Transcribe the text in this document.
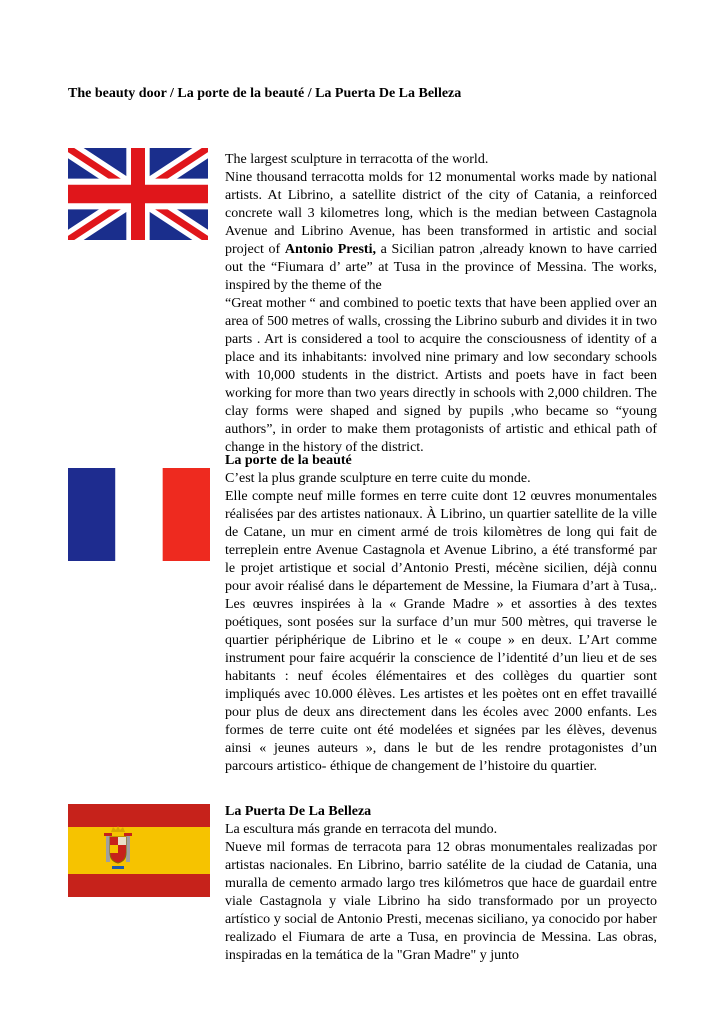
The beauty door / La porte de la beauté / La Puerta De La Belleza

The largest sculpture in terracotta of the world.

Nine thousand terracotta molds for 12 monumental works made by national artists. At Librino, a satellite district of the city of Catania, a reinforced concrete wall 3 kilometres long, which is the median between Castagnola Avenue and Librino Avenue, has been transformed in artistic and social project of Antonio Presti, a Sicilian patron ,already known to have carried out the “Fiumara d’ arte” at Tusa in the province of Messina. The works, inspired by the theme of the

“Great mother “ and combined to poetic texts that have been applied over an area of 500 metres of walls, crossing the Librino suburb and divides it in two parts . Art is considered a tool to acquire the consciousness of identity of a place and its inhabitants: involved nine primary and low secondary schools with 10,000 students in the district. Artists and poets have in fact been working for more than two years directly in schools with 2,000 children. The clay forms were shaped and signed by pupils ,who became so “young authors”, in order to make them protagonists of artistic and ethical path of change in the history of the district.

La porte de la beauté

C’est la plus grande sculpture en terre cuite du monde.

Elle compte neuf mille formes en terre cuite dont 12 œuvres monumentales réalisées par des artistes nationaux. À Librino, un quartier satellite de la ville de Catane, un mur en ciment armé de trois kilomètres de long qui fait de terreplein entre Avenue Castagnola et Avenue Librino, a été transformé par le projet artistique et social d’Antonio Presti, mécène sicilien, déjà connu pour avoir réalisé dans le département de Messine, la Fiumara d’art à Tusa,. Les œuvres inspirées à la « Grande Madre » et assorties à des textes poétiques, sont posées sur la surface d’un mur 500 mètres, qui traverse le quartier périphérique de Librino et le « coupe » en deux. L’Art comme instrument pour faire acquérir la conscience de l’identité d’un lieu et de ses habitants : neuf écoles élémentaires et des collèges du quartier sont impliqués avec 10.000 élèves. Les artistes et les poètes ont en effet travaillé pour plus de deux ans directement dans les écoles avec 2000 enfants. Les formes de terre cuite ont été modelées et signées par les élèves, devenus ainsi « jeunes auteurs », dans le but de les rendre protagonistes d’un parcours artistico- éthique de changement de l’histoire du quartier.

La Puerta De La Belleza

La escultura más grande en terracota del mundo.

Nueve mil formas de terracota para 12 obras monumentales realizadas por artistas nacionales. En Librino, barrio satélite de la ciudad de Catania, una muralla de cemento armado largo tres kilómetros que hace de guardail entre viale Castagnola y viale Librino ha sido transformado por un proyecto artístico y social de Antonio Presti, mecenas siciliano, ya conocido por haber realizado el Fiumara de arte a Tusa, en provincia de Messina. Las obras, inspiradas en la temática de la "Gran Madre" y junto
